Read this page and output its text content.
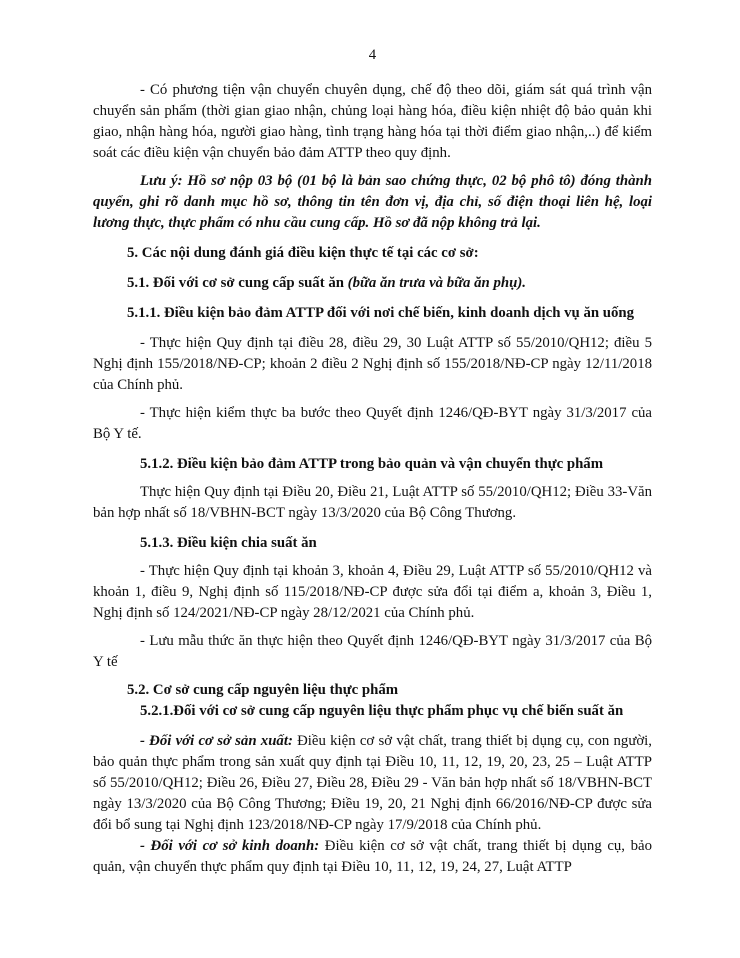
4

- Có phương tiện vận chuyển chuyên dụng, chế độ theo dõi, giám sát quá trình vận chuyển sản phẩm (thời gian giao nhận, chủng loại hàng hóa, điều kiện nhiệt độ bảo quản khi giao, nhận hàng hóa, người giao hàng, tình trạng hàng hóa tại thời điểm giao nhận,..) để kiểm soát các điều kiện vận chuyển bảo đảm ATTP theo quy định.

Lưu ý: Hồ sơ nộp 03 bộ (01 bộ là bản sao chứng thực, 02 bộ phô tô) đóng thành quyển, ghi rõ danh mục hồ sơ, thông tin tên đơn vị, địa chỉ, số điện thoại liên hệ, loại lương thực, thực phẩm có nhu cầu cung cấp. Hồ sơ đã nộp không trả lại.

5. Các nội dung đánh giá điều kiện thực tế tại các cơ sở:

5.1. Đối với cơ sở cung cấp suất ăn (bữa ăn trưa và bữa ăn phụ).

5.1.1. Điều kiện bảo đảm ATTP đối với nơi chế biến, kinh doanh dịch vụ ăn uống

- Thực hiện Quy định tại điều 28, điều 29, 30 Luật ATTP số 55/2010/QH12; điều 5 Nghị định 155/2018/NĐ-CP; khoản 2 điều 2 Nghị định số 155/2018/NĐ-CP ngày 12/11/2018 của Chính phủ.

- Thực hiện kiểm thực ba bước theo Quyết định 1246/QĐ-BYT ngày 31/3/2017 của Bộ Y tế.

5.1.2. Điều kiện bảo đảm ATTP trong bảo quản và vận chuyển thực phẩm

Thực hiện Quy định tại Điều 20, Điều 21, Luật ATTP số 55/2010/QH12; Điều 33-Văn bản hợp nhất số 18/VBHN-BCT ngày 13/3/2020 của Bộ Công Thương.

5.1.3. Điều kiện chia suất ăn

- Thực hiện Quy định tại khoản 3, khoản 4, Điều 29, Luật ATTP số 55/2010/QH12 và khoản 1, điều 9, Nghị định số 115/2018/NĐ-CP được sửa đổi tại điểm a, khoản 3, Điều 1, Nghị định số 124/2021/NĐ-CP ngày 28/12/2021 của Chính phủ.

- Lưu mẫu thức ăn thực hiện theo Quyết định 1246/QĐ-BYT ngày 31/3/2017 của Bộ Y tế

5.2. Cơ sở cung cấp nguyên liệu thực phẩm

5.2.1.Đối với cơ sở cung cấp nguyên liệu thực phẩm phục vụ chế biến suất ăn

- Đối với cơ sở sản xuất: Điều kiện cơ sở vật chất, trang thiết bị dụng cụ, con người, bảo quản thực phẩm trong sản xuất quy định tại Điều 10, 11, 12, 19, 20, 23, 25 – Luật ATTP số 55/2010/QH12; Điều 26, Điều 27, Điều 28, Điều 29 - Văn bản hợp nhất số 18/VBHN-BCT ngày 13/3/2020 của Bộ Công Thương; Điều 19, 20, 21 Nghị định 66/2016/NĐ-CP được sửa đổi bổ sung tại Nghị định 123/2018/NĐ-CP ngày 17/9/2018 của Chính phủ.

- Đối với cơ sở kinh doanh: Điều kiện cơ sở vật chất, trang thiết bị dụng cụ, bảo quản, vận chuyển thực phẩm quy định tại Điều 10, 11, 12, 19, 24, 27, Luật ATTP
